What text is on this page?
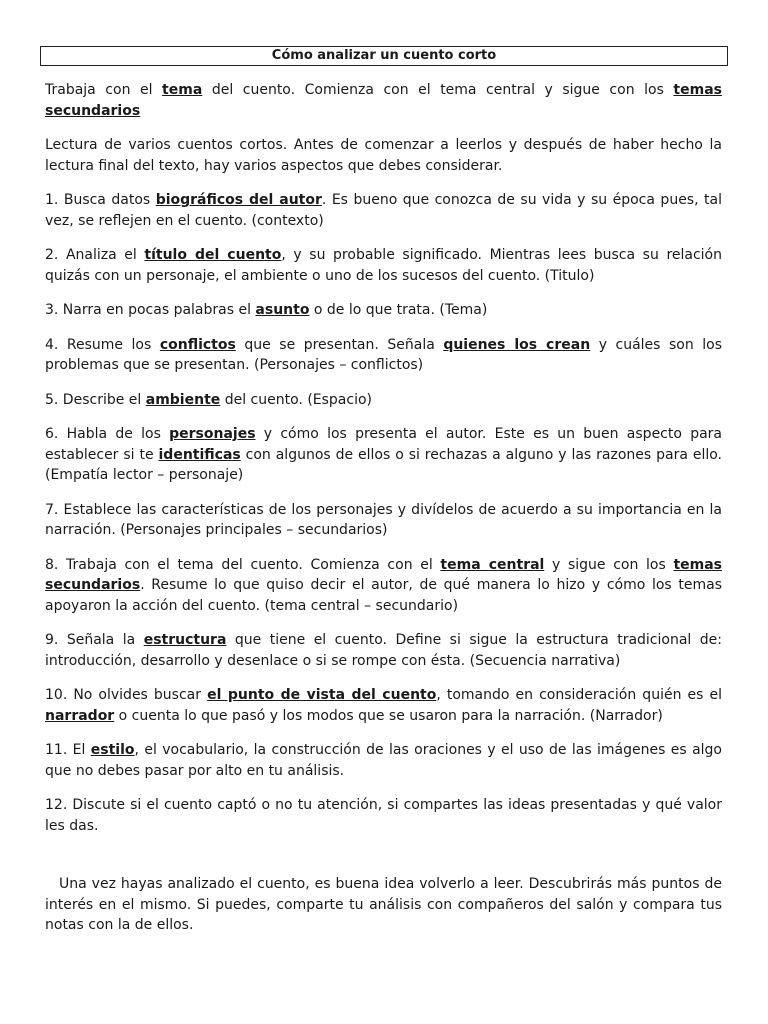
Cómo analizar un cuento corto

Trabaja con el tema del cuento. Comienza con el tema central y sigue con los temas secundarios

Lectura de varios cuentos cortos. Antes de comenzar a leerlos y después de haber hecho la lectura final del texto, hay varios aspectos que debes considerar.

1. Busca datos biográficos del autor. Es bueno que conozca de su vida y su época pues, tal vez, se reflejen en el cuento. (contexto)

2. Analiza el título del cuento, y su probable significado. Mientras lees busca su relación quizás con un personaje, el ambiente o uno de los sucesos del cuento. (Titulo)

3. Narra en pocas palabras el asunto o de lo que trata. (Tema)

4. Resume los conflictos que se presentan. Señala quienes los crean y cuáles son los problemas que se presentan. (Personajes – conflictos)

5. Describe el ambiente del cuento. (Espacio)

6. Habla de los personajes y cómo los presenta el autor. Este es un buen aspecto para establecer si te identificas con algunos de ellos o si rechazas a alguno y las razones para ello. (Empatía lector – personaje)

7. Establece las características de los personajes y divídelos de acuerdo a su importancia en la narración. (Personajes principales – secundarios)

8. Trabaja con el tema del cuento. Comienza con el tema central y sigue con los temas secundarios. Resume lo que quiso decir el autor, de qué manera lo hizo y cómo los temas apoyaron la acción del cuento. (tema central – secundario)

9. Señala la estructura que tiene el cuento. Define si sigue la estructura tradicional de: introducción, desarrollo y desenlace o si se rompe con ésta. (Secuencia narrativa)

10. No olvides buscar el punto de vista del cuento, tomando en consideración quién es el narrador o cuenta lo que pasó y los modos que se usaron para la narración. (Narrador)

11. El estilo, el vocabulario, la construcción de las oraciones y el uso de las imágenes es algo que no debes pasar por alto en tu análisis.

12. Discute si el cuento captó o no tu atención, si compartes las ideas presentadas y qué valor les das.

Una vez hayas analizado el cuento, es buena idea volverlo a leer. Descubrirás más puntos de interés en el mismo. Si puedes, comparte tu análisis con compañeros del salón y compara tus notas con la de ellos.
